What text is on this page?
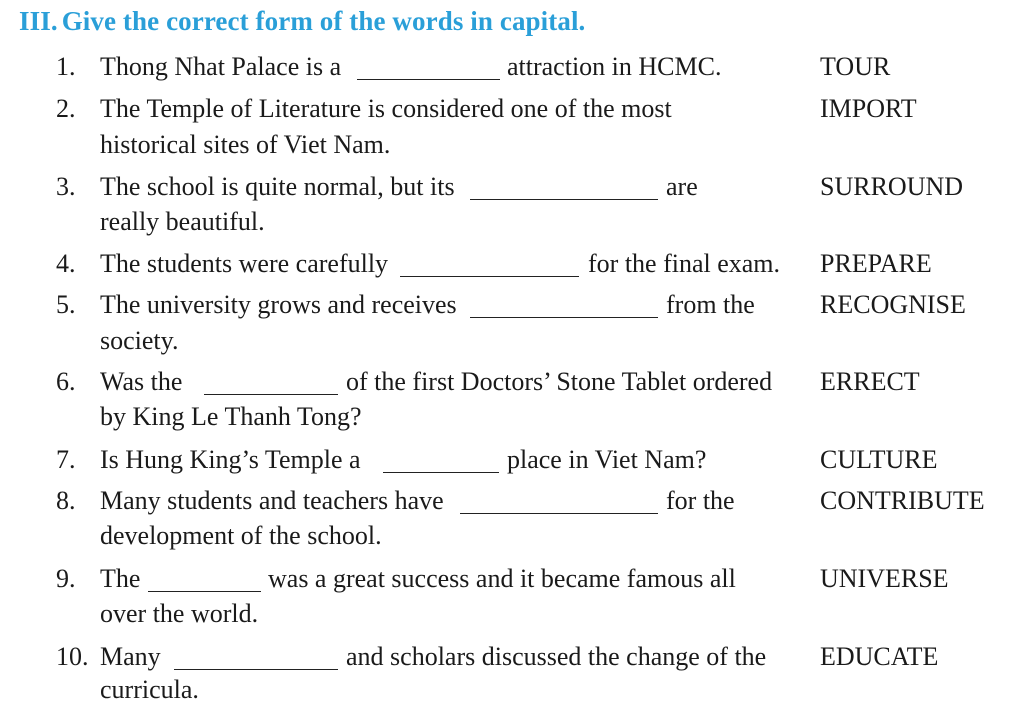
III. Give the correct form of the words in capital.
1. Thong Nhat Palace is a	attraction in HCMC.	TOUR
2. The Temple of Literature is considered one of the most
historical sites of Viet Nam.
IMPORT
3. The school is quite normal, but its	are
really beautiful.
SURROUND
4. The students were carefully	for the final exam. PREPARE
5. The university grows and receives	from the
society.
RECOGNISE
6. Was the	of the first Doctors’ Stone Tablet ordered
by King Le Thanh Tong?
ERRECT
7. Is Hung King’s Temple a	place in Viet Nam?	CULTURE
8. Many students and teachers have	for the
development of the school.
CONTRIBUTE
9. The	was a great success and it became famous all
over the world.
UNIVERSE
10. Many	and scholars discussed the change of the
curricula.
EDUCATE
